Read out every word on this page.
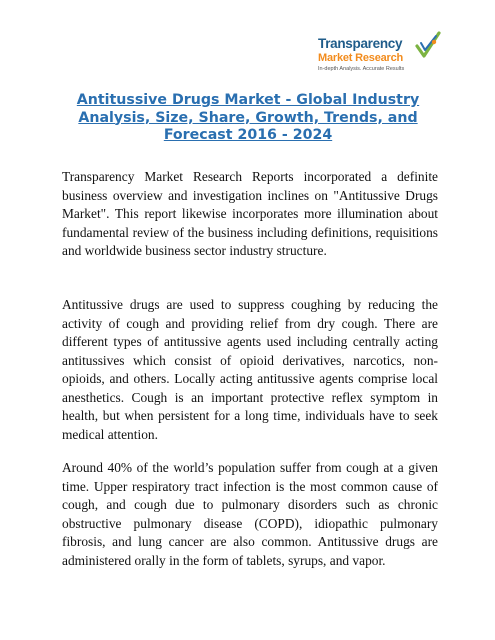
Transparency
Market Research
In-depth Analysis. Accurate Results
Antitussive Drugs Market - Global Industry Analysis, Size, Share, Growth, Trends, and Forecast 2016 - 2024

Transparency Market Research Reports incorporated a definite business overview and investigation inclines on "Antitussive Drugs Market". This report likewise incorporates more illumination about fundamental review of the business including definitions, requisitions and worldwide business sector industry structure.

Antitussive drugs are used to suppress coughing by reducing the activity of cough and providing relief from dry cough. There are different types of antitussive agents used including centrally acting antitussives which consist of opioid derivatives, narcotics, non-opioids, and others. Locally acting antitussive agents comprise local anesthetics. Cough is an important protective reflex symptom in health, but when persistent for a long time, individuals have to seek medical attention.

Around 40% of the world’s population suffer from cough at a given time. Upper respiratory tract infection is the most common cause of cough, and cough due to pulmonary disorders such as chronic obstructive pulmonary disease (COPD), idiopathic pulmonary fibrosis, and lung cancer are also common. Antitussive drugs are administered orally in the form of tablets, syrups, and vapor.
